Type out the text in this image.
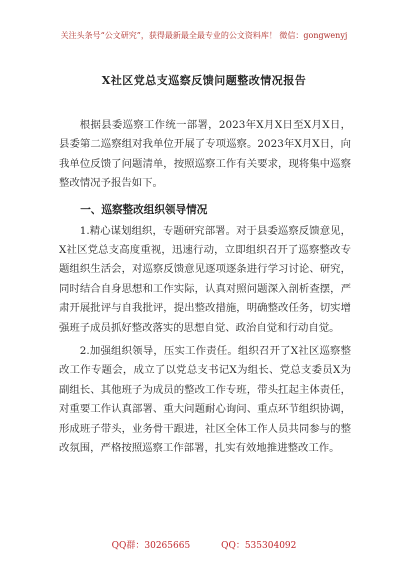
关注头条号“公文研究”，获得最新最全最专业的公文资料库！ 微信：gongwenyj
X社区党总支巡察反馈问题整改情况报告

根据县委巡察工作统一部署，2023年X月X日至X月X日，县委第二巡察组对我单位开展了专项巡察。2023年X月X日，向我单位反馈了问题清单，按照巡察工作有关要求，现将集中巡察整改情况予报告如下。

一、巡察整改组织领导情况

1.精心谋划组织，专题研究部署。对于县委巡察反馈意见，X社区党总支高度重视，迅速行动，立即组织召开了巡察整改专题组织生活会，对巡察反馈意见逐项逐条进行学习讨论、研究，同时结合自身思想和工作实际，认真对照问题深入剖析查摆，严肃开展批评与自我批评，提出整改措施，明确整改任务，切实增强班子成员抓好整改落实的思想自觉、政治自觉和行动自觉。

2.加强组织领导，压实工作责任。组织召开了X社区巡察整改工作专题会，成立了以党总支书记X为组长、党总支委员X为副组长、其他班子为成员的整改工作专班，带头扛起主体责任，对重要工作认真部署、重大问题耐心询问、重点环节组织协调，形成班子带头，业务骨干跟进，社区全体工作人员共同参与的整改氛围，严格按照巡察工作部署，扎实有效地推进整改工作。

QQ群：30265665	QQ：535304092
